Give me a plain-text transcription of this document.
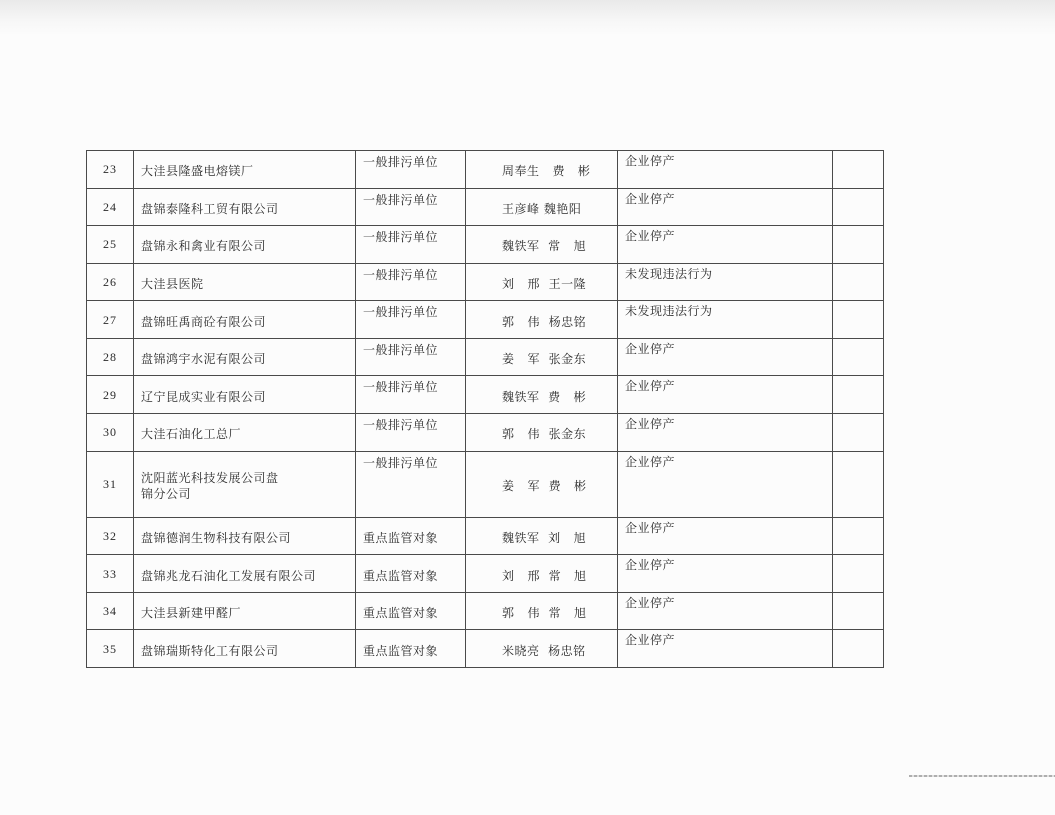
23	大洼县隆盛电熔镁厂	一般排污单位	周奉生   费   彬	企业停产	
24	盘锦泰隆科工贸有限公司	一般排污单位	王彦峰 魏艳阳	企业停产	
25	盘锦永和禽业有限公司	一般排污单位	魏铁军  常   旭	企业停产	
26	大洼县医院	一般排污单位	刘   邢  王一隆	未发现违法行为	
27	盘锦旺禹商砼有限公司	一般排污单位	郭   伟  杨忠铭	未发现违法行为	
28	盘锦鸿宇水泥有限公司	一般排污单位	姜   军  张金东	企业停产	
29	辽宁昆成实业有限公司	一般排污单位	魏铁军  费   彬	企业停产	
30	大洼石油化工总厂	一般排污单位	郭   伟  张金东	企业停产	
31	沈阳蓝光科技发展公司盘锦分公司	一般排污单位	姜   军  费   彬	企业停产	
32	盘锦德润生物科技有限公司	重点监管对象	魏铁军  刘   旭	企业停产	
33	盘锦兆龙石油化工发展有限公司	重点监管对象	刘   邢  常   旭	企业停产	
34	大洼县新建甲醛厂	重点监管对象	郭   伟  常   旭	企业停产	
35	盘锦瑞斯特化工有限公司	重点监管对象	米晓亮  杨忠铭	企业停产	
